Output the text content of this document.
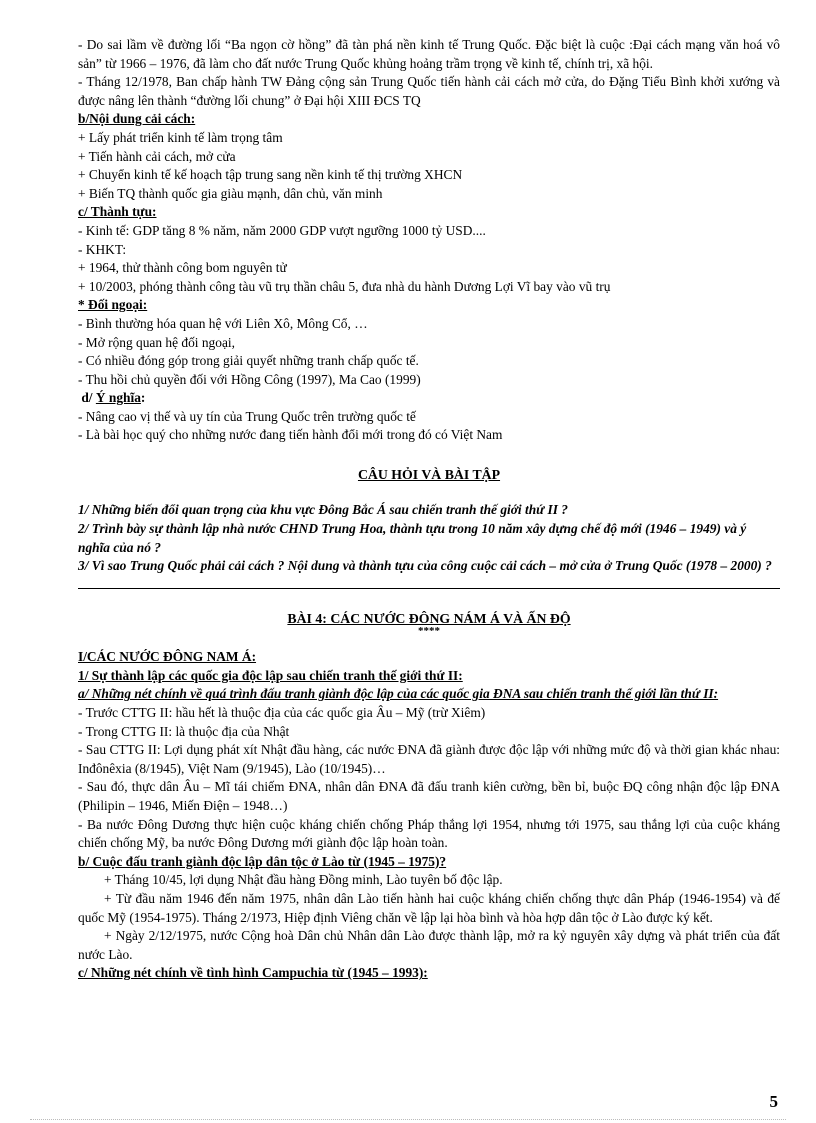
- Do sai lầm về đường lối “Ba ngọn cờ hồng” đã tàn phá nền kinh tế Trung Quốc. Đặc biệt là cuộc :Đại cách mạng văn hoá vô sản” từ 1966 – 1976, đã làm cho đất nước Trung Quốc khủng hoảng trầm trọng về kinh tế, chính trị, xã hội.
- Tháng 12/1978, Ban chấp hành TW Đảng cộng sản Trung Quốc tiến hành cải cách mở cửa, do Đặng Tiểu Bình khởi xướng và được nâng lên thành “đường lối chung” ở Đại hội XIII ĐCS TQ
b/Nội dung cải cách:
+ Lấy phát triển kinh tế làm trọng tâm
+ Tiến hành cải cách, mở cửa
+ Chuyển kinh tế kế hoạch tập trung sang nền kinh tế thị trường XHCN
+ Biến TQ thành quốc gia giàu mạnh, dân chủ, văn minh
c/ Thành tựu:
- Kinh tế: GDP tăng 8 % năm, năm 2000 GDP vượt ngưỡng 1000 tỷ USD....
- KHKT:
+ 1964, thử thành công bom nguyên tử
+ 10/2003, phóng thành công tàu vũ trụ thần châu 5, đưa nhà du hành Dương Lợi Vĩ bay vào vũ trụ
* Đối ngoại:
- Bình thường hóa quan hệ với Liên Xô, Mông Cổ, …
- Mở rộng quan hệ đối ngoại,
- Có nhiều đóng góp trong giải quyết những tranh chấp quốc tế.
- Thu hồi chủ quyền đối với Hồng Công (1997), Ma Cao (1999)
d/ Ý nghĩa:
- Nâng cao vị thế và uy tín của Trung Quốc trên trường quốc tế
- Là bài học quý cho những nước đang tiến hành đổi mới trong đó có Việt Nam
CÂU HỎI VÀ BÀI TẬP
1/ Những biến đổi quan trọng của khu vực Đông Bắc Á sau chiến tranh thế giới thứ II ?
2/ Trình bày sự thành lập nhà nước CHND Trung Hoa, thành tựu trong 10 năm xây dựng chế độ mới (1946 – 1949) và ý nghĩa của nó ?
3/ Vì sao Trung Quốc phải cải cách ? Nội dung và thành tựu của công cuộc cải cách – mở cửa ở Trung Quốc (1978 – 2000) ?
BÀI 4: CÁC NƯỚC ĐÔNG NÁM Á VÀ ẤN ĐỘ
****
I/CÁC NƯỚC ĐÔNG NAM Á:
1/ Sự thành lập các quốc gia độc lập sau chiến tranh thế giới thứ II:
a/ Những nét chính về quá trình đấu tranh giành độc lập của các quốc gia ĐNA sau chiến tranh thế giới lần thứ II:
- Trước CTTG II: hầu hết là thuộc địa của các quốc gia Âu – Mỹ (trừ Xiêm)
- Trong CTTG II: là thuộc địa của Nhật
- Sau CTTG II: Lợi dụng phát xít Nhật đầu hàng, các nước ĐNA đã giành được độc lập với những mức độ và thời gian khác nhau: Inđônêxia (8/1945), Việt Nam (9/1945), Lào (10/1945)…
- Sau đó, thực dân Âu – Mĩ tái chiếm ĐNA, nhân dân ĐNA đã đấu tranh kiên cường, bền bỉ, buộc ĐQ công nhận độc lập ĐNA (Philipin – 1946, Miến Điện – 1948…)
- Ba nước Đông Dương thực hiện cuộc kháng chiến chống Pháp thắng lợi 1954, nhưng tới 1975, sau thắng lợi của cuộc kháng chiến chống Mỹ, ba nước Đông Dương mới giành độc lập hoàn toàn.
b/ Cuộc đấu tranh giành độc lập dân tộc ở Lào từ (1945 – 1975)?
+ Tháng 10/45, lợi dụng Nhật đầu hàng Đồng minh, Lào tuyên bố độc lập.
+ Từ đầu năm 1946 đến năm 1975, nhân dân Lào tiến hành hai cuộc kháng chiến chống thực dân Pháp (1946-1954) và đế quốc Mỹ (1954-1975). Tháng 2/1973, Hiệp định Viêng chăn về lập lại hòa bình và hòa hợp dân tộc ở Lào được ký kết.
+ Ngày 2/12/1975, nước Cộng hoà Dân chủ Nhân dân Lào được thành lập, mở ra kỷ nguyên xây dựng và phát triển của đất nước Lào.
c/ Những nét chính về tình hình Campuchia từ (1945 – 1993):
5
